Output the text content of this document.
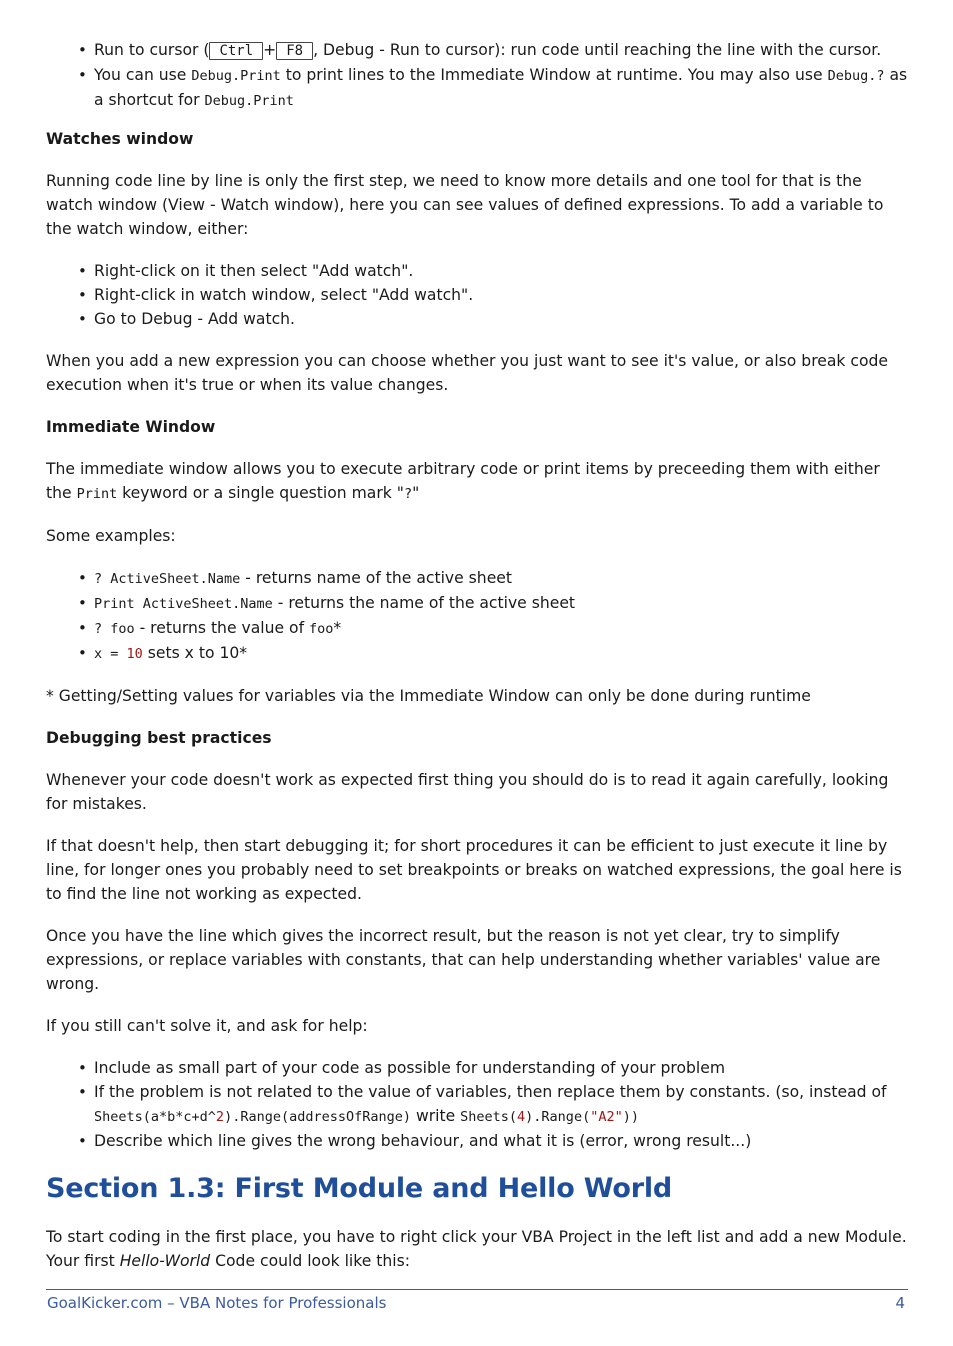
• Run to cursor ( Ctrl + F8 , Debug - Run to cursor): run code until reaching the line with the cursor.
• You can use Debug.Print to print lines to the Immediate Window at runtime. You may also use Debug.? as a shortcut for Debug.Print
Watches window

Running code line by line is only the first step, we need to know more details and one tool for that is the watch window (View - Watch window), here you can see values of defined expressions. To add a variable to the watch window, either:

• Right-click on it then select "Add watch".
• Right-click in watch window, select "Add watch".
• Go to Debug - Add watch.

When you add a new expression you can choose whether you just want to see it's value, or also break code execution when it's true or when its value changes.

Immediate Window

The immediate window allows you to execute arbitrary code or print items by preceeding them with either the Print keyword or a single question mark "?"

Some examples:

• ? ActiveSheet.Name - returns name of the active sheet
• Print ActiveSheet.Name - returns the name of the active sheet
• ? foo - returns the value of foo*
• x = 10 sets x to 10*

* Getting/Setting values for variables via the Immediate Window can only be done during runtime

Debugging best practices

Whenever your code doesn't work as expected first thing you should do is to read it again carefully, looking for mistakes.

If that doesn't help, then start debugging it; for short procedures it can be efficient to just execute it line by line, for longer ones you probably need to set breakpoints or breaks on watched expressions, the goal here is to find the line not working as expected.

Once you have the line which gives the incorrect result, but the reason is not yet clear, try to simplify expressions, or replace variables with constants, that can help understanding whether variables' value are wrong.

If you still can't solve it, and ask for help:

• Include as small part of your code as possible for understanding of your problem
• If the problem is not related to the value of variables, then replace them by constants. (so, instead of Sheets(a*b*c+d^2).Range(addressOfRange) write Sheets(4).Range("A2"))
• Describe which line gives the wrong behaviour, and what it is (error, wrong result...)
Section 1.3: First Module and Hello World

To start coding in the first place, you have to right click your VBA Project in the left list and add a new Module. Your first Hello-World Code could look like this:

GoalKicker.com – VBA Notes for Professionals	4
